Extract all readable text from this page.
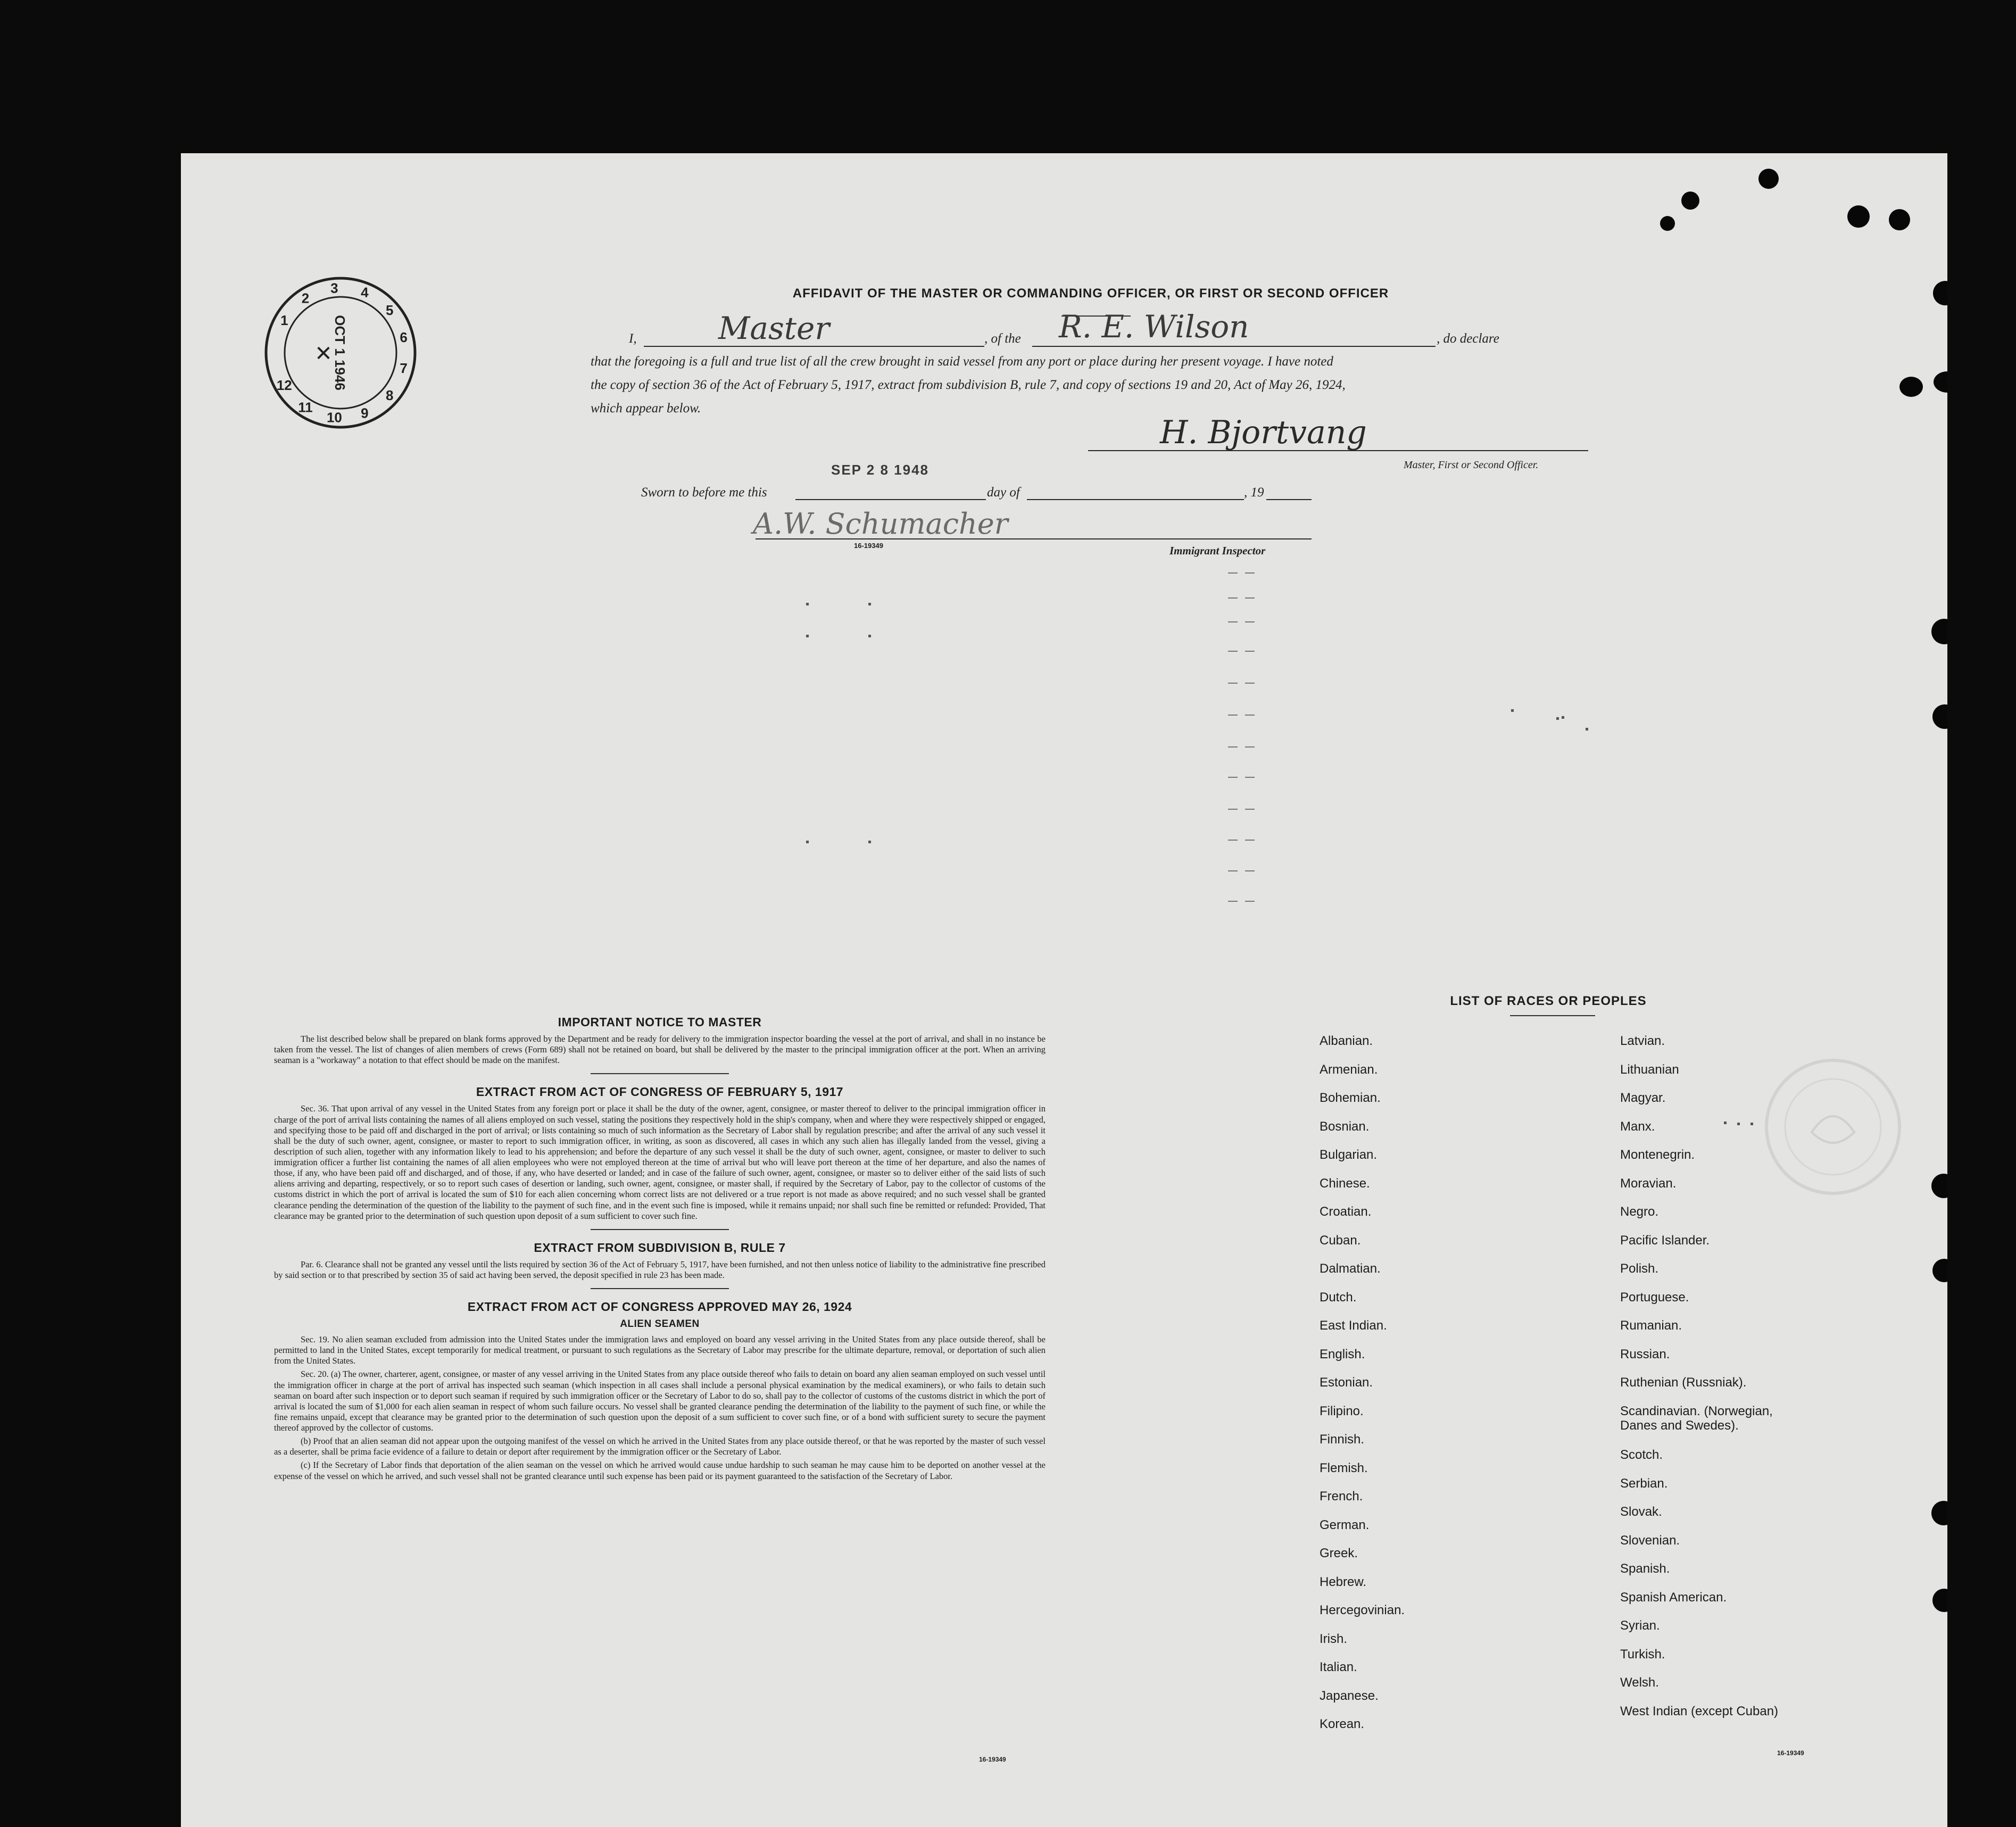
1
2
3 4
5
6
7
8
9
10
11
12	OCT 1 1946
✕
AFFIDAVIT OF THE MASTER OR COMMANDING OFFICER, OR FIRST OR SECOND OFFICER
I,	Master	, of the R. E. Wilson	, do declare
that the foregoing is a full and true list of all the crew brought in said vessel from any port or place during her present voyage. I have noted
the copy of section 36 of the Act of February 5, 1917, extract from subdivision B, rule 7, and copy of sections 19 and 20, Act of May 26, 1924,
which appear below.
H. Bjortvang
Master, First or Second Officer.
SEP 2 8 1948
Sworn to before me this	day of	, 19
A.W. Schumacher
16-19349	Immigrant Inspector
IMPORTANT NOTICE TO MASTER

The list described below shall be prepared on blank forms approved by the Department and be ready for delivery to the immigration inspector boarding the vessel at the port of arrival, and shall in no instance be taken from the vessel. The list of changes of alien members of crews (Form 689) shall not be retained on board, but shall be delivered by the master to the principal immigration officer at the port. When an arriving seaman is a "workaway" a notation to that effect should be made on the manifest.

EXTRACT FROM ACT OF CONGRESS OF FEBRUARY 5, 1917

Sec. 36. That upon arrival of any vessel in the United States from any foreign port or place it shall be the duty of the owner, agent, consignee, or master thereof to deliver to the principal immigration officer in charge of the port of arrival lists containing the names of all aliens employed on such vessel, stating the positions they respectively hold in the ship's company, when and where they were respectively shipped or engaged, and specifying those to be paid off and discharged in the port of arrival; or lists containing so much of such information as the Secretary of Labor shall by regulation prescribe; and after the arrival of any such vessel it shall be the duty of such owner, agent, consignee, or master to report to such immigration officer, in writing, as soon as discovered, all cases in which any such alien has illegally landed from the vessel, giving a description of such alien, together with any information likely to lead to his apprehension; and before the departure of any such vessel it shall be the duty of such owner, agent, consignee, or master to deliver to such immigration officer a further list containing the names of all alien employees who were not employed thereon at the time of arrival but who will leave port thereon at the time of her departure, and also the names of those, if any, who have been paid off and discharged, and of those, if any, who have deserted or landed; and in case of the failure of such owner, agent, consignee, or master so to deliver either of the said lists of such aliens arriving and departing, respectively, or so to report such cases of desertion or landing, such owner, agent, consignee, or master shall, if required by the Secretary of Labor, pay to the collector of customs of the customs district in which the port of arrival is located the sum of $10 for each alien concerning whom correct lists are not delivered or a true report is not made as above required; and no such vessel shall be granted clearance pending the determination of the question of the liability to the payment of such fine, and in the event such fine is imposed, while it remains unpaid; nor shall such fine be remitted or refunded: Provided, That clearance may be granted prior to the determination of such question upon deposit of a sum sufficient to cover such fine.

EXTRACT FROM SUBDIVISION B, RULE 7

Par. 6. Clearance shall not be granted any vessel until the lists required by section 36 of the Act of February 5, 1917, have been furnished, and not then unless notice of liability to the administrative fine prescribed by said section or to that prescribed by section 35 of said act having been served, the deposit specified in rule 23 has been made.

EXTRACT FROM ACT OF CONGRESS APPROVED MAY 26, 1924
ALIEN SEAMEN

Sec. 19. No alien seaman excluded from admission into the United States under the immigration laws and employed on board any vessel arriving in the United States from any place outside thereof, shall be permitted to land in the United States, except temporarily for medical treatment, or pursuant to such regulations as the Secretary of Labor may prescribe for the ultimate departure, removal, or deportation of such alien from the United States.

Sec. 20. (a) The owner, charterer, agent, consignee, or master of any vessel arriving in the United States from any place outside thereof who fails to detain on board any alien seaman employed on such vessel until the immigration officer in charge at the port of arrival has inspected such seaman (which inspection in all cases shall include a personal physical examination by the medical examiners), or who fails to detain such seaman on board after such inspection or to deport such seaman if required by such immigration officer or the Secretary of Labor to do so, shall pay to the collector of customs of the customs district in which the port of arrival is located the sum of $1,000 for each alien seaman in respect of whom such failure occurs. No vessel shall be granted clearance pending the determination of the liability to the payment of such fine, or while the fine remains unpaid, except that clearance may be granted prior to the determination of such question upon the deposit of a sum sufficient to cover such fine, or of a bond with sufficient surety to secure the payment thereof approved by the collector of customs.

(b) Proof that an alien seaman did not appear upon the outgoing manifest of the vessel on which he arrived in the United States from any place outside thereof, or that he was reported by the master of such vessel as a deserter, shall be prima facie evidence of a failure to detain or deport after requirement by the immigration officer or the Secretary of Labor.

(c) If the Secretary of Labor finds that deportation of the alien seaman on the vessel on which he arrived would cause undue hardship to such seaman he may cause him to be deported on another vessel at the expense of the vessel on which he arrived, and such vessel shall not be granted clearance until such expense has been paid or its payment guaranteed to the satisfaction of the Secretary of Labor.

16-19349
LIST OF RACES OR PEOPLES
16-19349
Albanian.
Armenian.
Bohemian.
Bosnian.
Bulgarian.
Chinese.
Croatian.
Cuban.
Dalmatian.
Dutch.
East Indian.
English.
Estonian.
Filipino.
Finnish.
Flemish.
French.
German.
Greek.
Hebrew.
Hercegovinian.
Irish.
Italian.
Japanese.
Korean.
Latvian.
Lithuanian
Magyar.
Manx.
Montenegrin.
Moravian.
Negro.
Pacific Islander.
Polish.
Portuguese.
Rumanian.
Russian.
Ruthenian (Russniak).
Scandinavian. (Norwegian,
Danes and Swedes).
Scotch.
Serbian.
Slovak.
Slovenian.
Spanish.
Spanish American.
Syrian.
Turkish.
Welsh.
West Indian (except Cuban)
